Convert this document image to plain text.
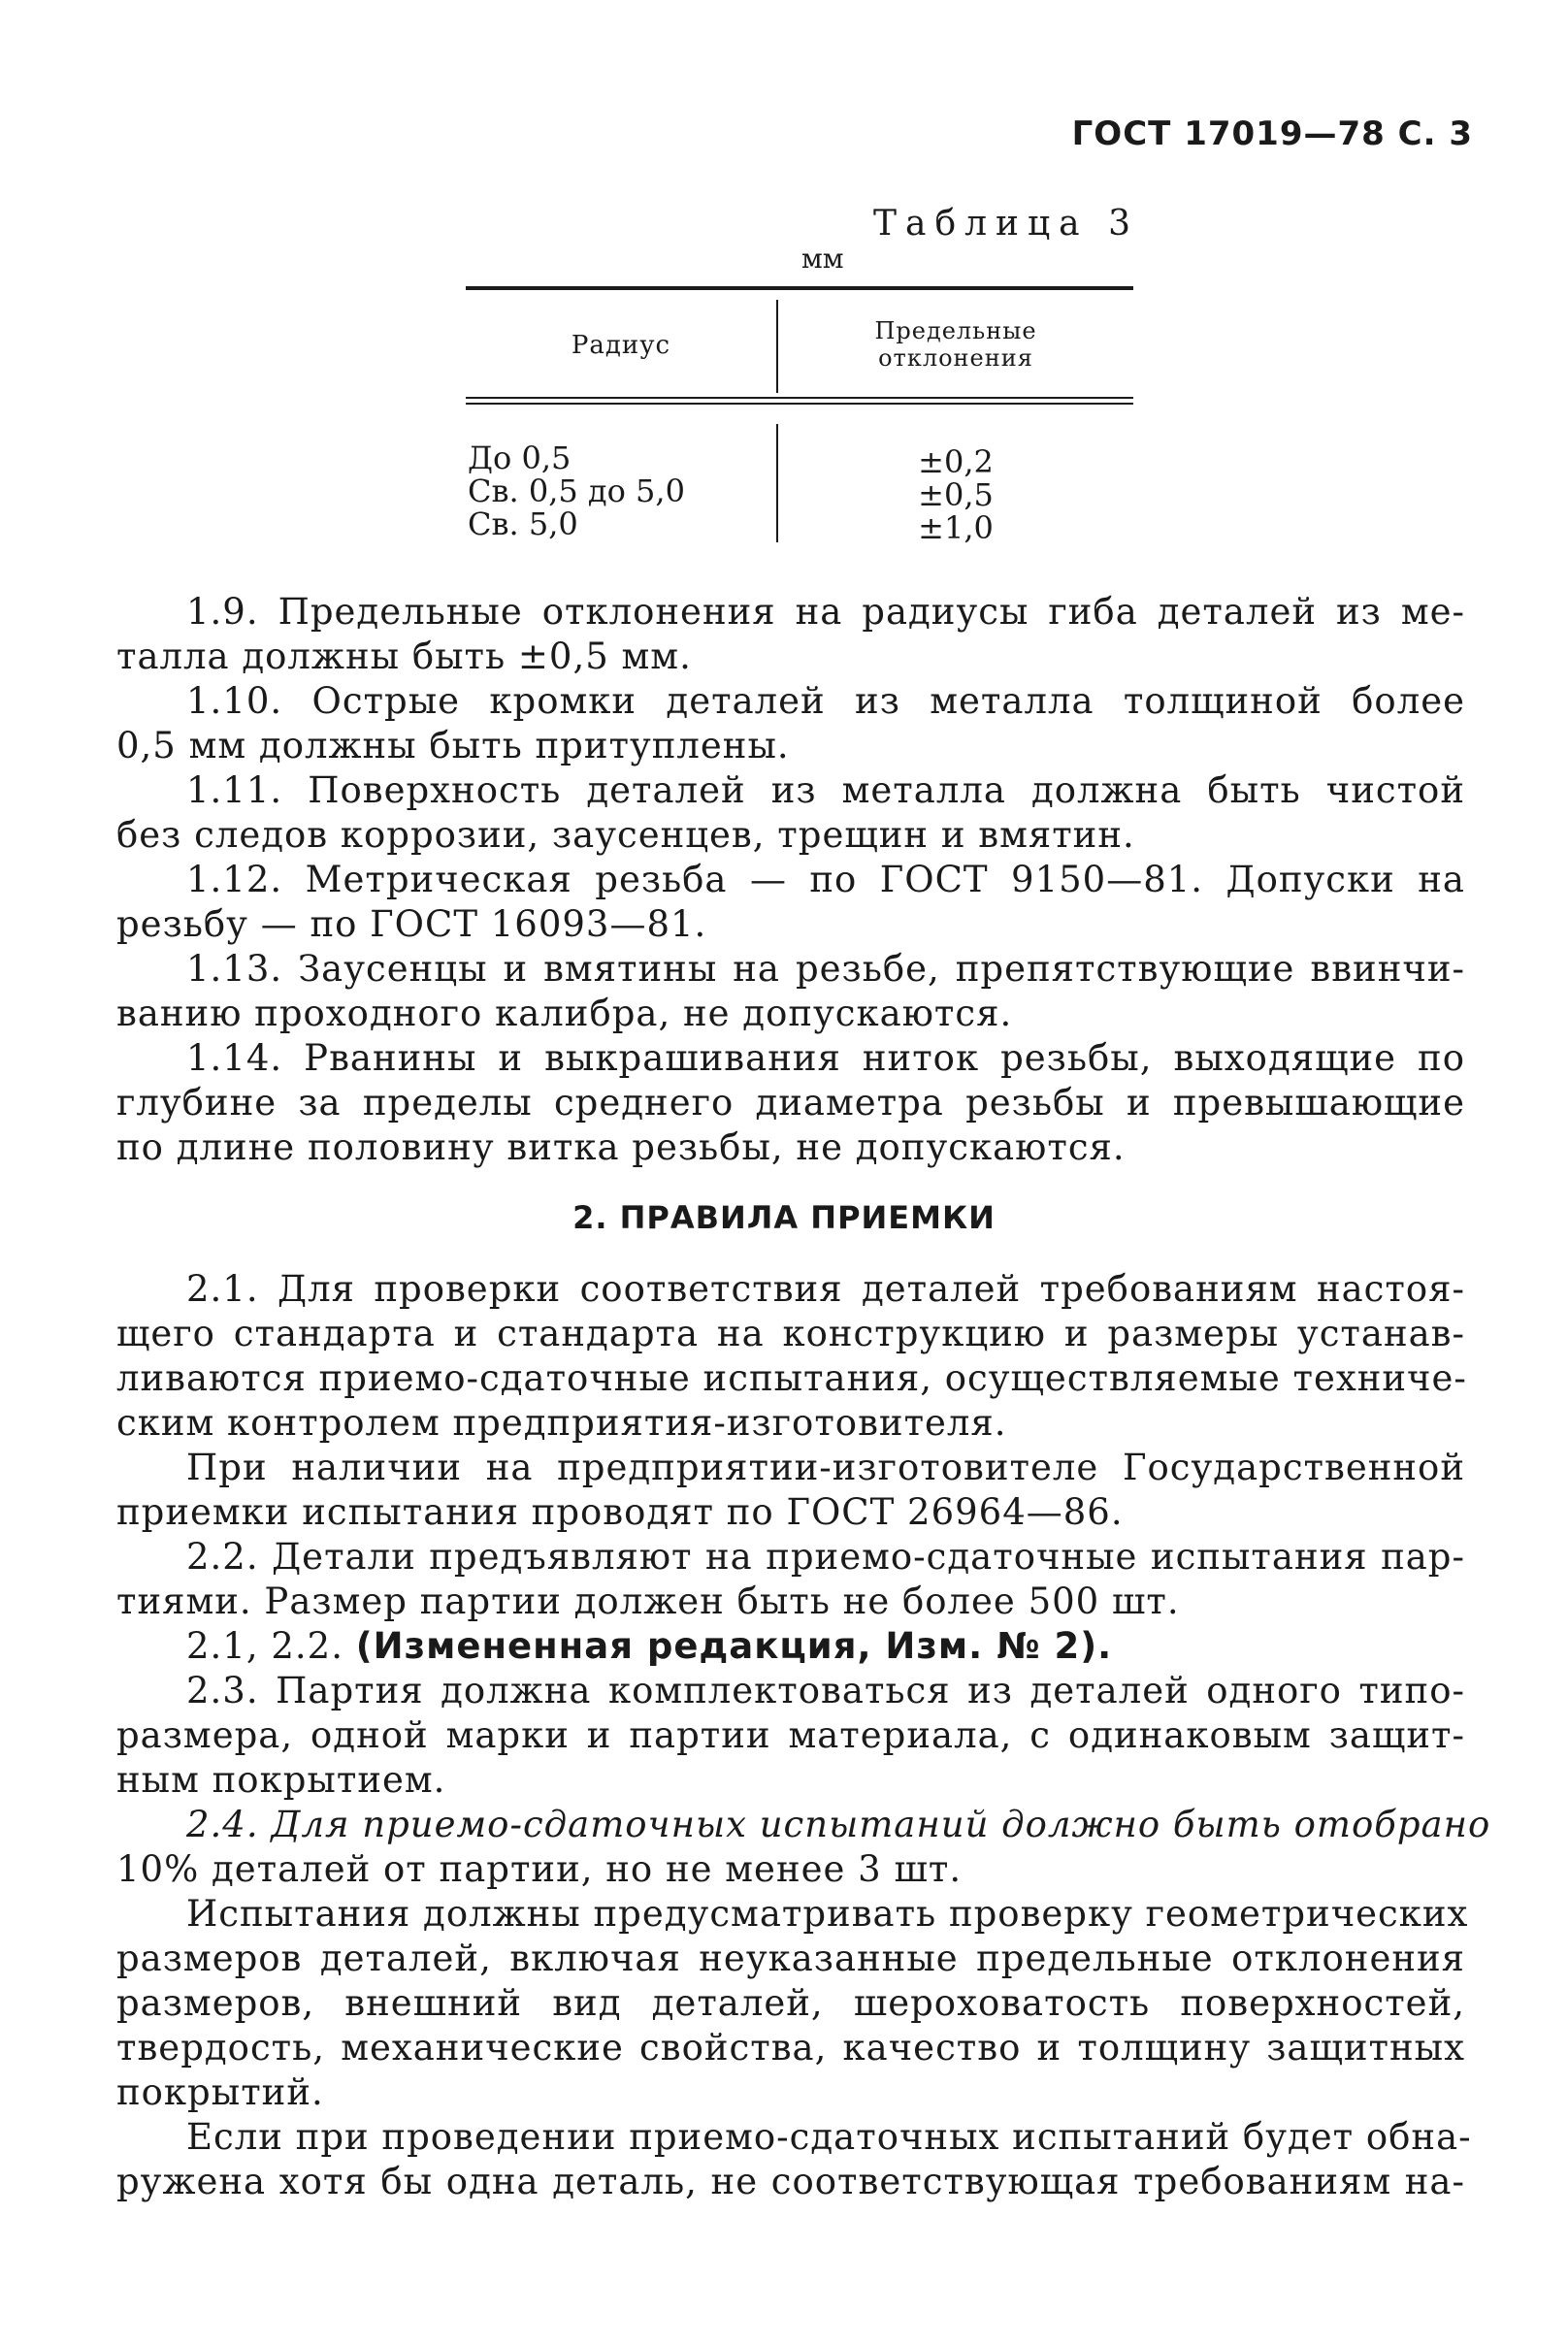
ГОСТ 17019—78 С. 3
Таблица 3
мм
Радиус	Предельные
отклонения
До 0,5
Св. 0,5 до 5,0
Св. 5,0
±0,2
±0,5
±1,0
1.9. Предельные отклонения на радиусы гиба деталей из ме-
талла должны быть ±0,5 мм.
1.10. Острые кромки деталей из металла толщиной более
0,5 мм должны быть притуплены.
1.11. Поверхность деталей из металла должна быть чистой
без следов коррозии, заусенцев, трещин и вмятин.
1.12. Метрическая резьба — по ГОСТ 9150—81. Допуски на
резьбу — по ГОСТ 16093—81.
1.13. Заусенцы и вмятины на резьбе, препятствующие ввинчи-
ванию проходного калибра, не допускаются.
1.14. Рванины и выкрашивания ниток резьбы, выходящие по
глубине за пределы среднего диаметра резьбы и превышающие
по длине половину витка резьбы, не допускаются.
2. ПРАВИЛА ПРИЕМКИ
2.1. Для проверки соответствия деталей требованиям настоя-
щего стандарта и стандарта на конструкцию и размеры устанав-
ливаются приемо-сдаточные испытания, осуществляемые техниче-
ским контролем предприятия-изготовителя.
При наличии на предприятии-изготовителе Государственной
приемки испытания проводят по ГОСТ 26964—86.
2.2. Детали предъявляют на приемо-сдаточные испытания пар-
тиями. Размер партии должен быть не более 500 шт.
2.1, 2.2. (Измененная редакция, Изм. № 2).
2.3. Партия должна комплектоваться из деталей одного типо-
размера, одной марки и партии материала, с одинаковым защит-
ным покрытием.
2.4. Для приемо-сдаточных испытаний должно быть отобрано
10% деталей от партии, но не менее 3 шт.
Испытания должны предусматривать проверку геометрических
размеров деталей, включая неуказанные предельные отклонения
размеров, внешний вид деталей, шероховатость поверхностей,
твердость, механические свойства, качество и толщину защитных
покрытий.
Если при проведении приемо-сдаточных испытаний будет обна-
ружена хотя бы одна деталь, не соответствующая требованиям на-
